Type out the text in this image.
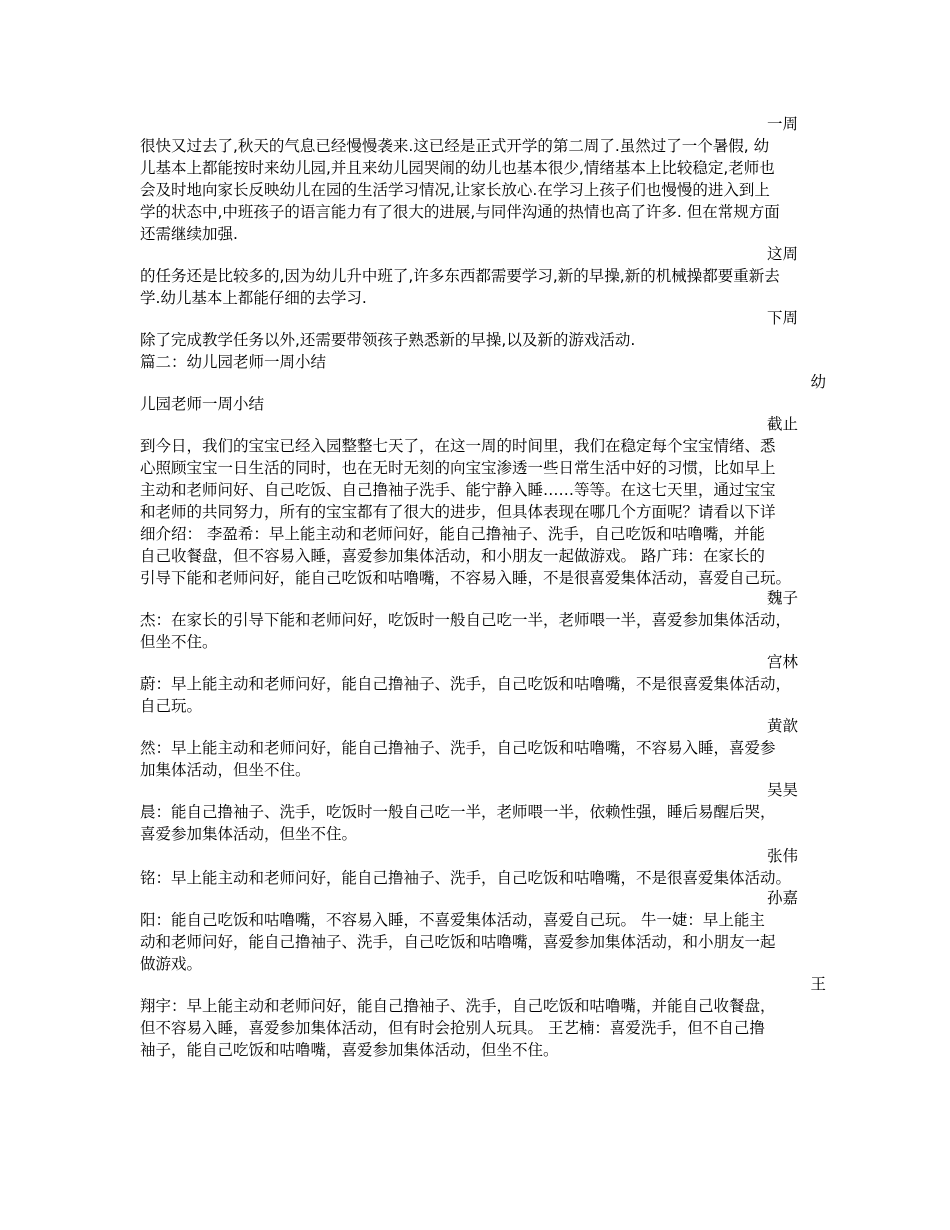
一周
很快又过去了,秋天的气息已经慢慢袭来.这已经是正式开学的第二周了.虽然过了一个暑假, 幼
儿基本上都能按时来幼儿园,并且来幼儿园哭闹的幼儿也基本很少,情绪基本上比较稳定,老师也
会及时地向家长反映幼儿在园的生活学习情况,让家长放心.在学习上孩子们也慢慢的进入到上
学的状态中,中班孩子的语言能力有了很大的进展,与同伴沟通的热情也高了许多. 但在常规方面
还需继续加强.
这周
的任务还是比较多的,因为幼儿升中班了,许多东西都需要学习,新的早操,新的机械操都要重新去
学.幼儿基本上都能仔细的去学习.
下周
除了完成教学任务以外,还需要带领孩子熟悉新的早操,以及新的游戏活动.
篇二：幼儿园老师一周小结
幼
儿园老师一周小结
截止
到今日，我们的宝宝已经入园整整七天了，在这一周的时间里，我们在稳定每个宝宝情绪、悉
心照顾宝宝一日生活的同时，也在无时无刻的向宝宝渗透一些日常生活中好的习惯，比如早上
主动和老师问好、自己吃饭、自己撸袖子洗手、能宁静入睡……等等。在这七天里，通过宝宝
和老师的共同努力，所有的宝宝都有了很大的进步，但具体表现在哪几个方面呢？请看以下详
细介绍： 李盈希：早上能主动和老师问好，能自己撸袖子、洗手，自己吃饭和咕噜嘴，并能
自己收餐盘，但不容易入睡，喜爱参加集体活动，和小朋友一起做游戏。 路广玮：在家长的
引导下能和老师问好，能自己吃饭和咕噜嘴，不容易入睡，不是很喜爱集体活动，喜爱自己玩。
魏子
杰：在家长的引导下能和老师问好，吃饭时一般自己吃一半，老师喂一半，喜爱参加集体活动，
但坐不住。
宫林
蔚：早上能主动和老师问好，能自己撸袖子、洗手，自己吃饭和咕噜嘴，不是很喜爱集体活动，
自己玩。
黄歆
然：早上能主动和老师问好，能自己撸袖子、洗手，自己吃饭和咕噜嘴，不容易入睡，喜爱参
加集体活动，但坐不住。
吴昊
晨：能自己撸袖子、洗手，吃饭时一般自己吃一半，老师喂一半，依赖性强，睡后易醒后哭，
喜爱参加集体活动，但坐不住。
张伟
铭：早上能主动和老师问好，能自己撸袖子、洗手，自己吃饭和咕噜嘴，不是很喜爱集体活动。
孙嘉
阳：能自己吃饭和咕噜嘴，不容易入睡，不喜爱集体活动，喜爱自己玩。 牛一婕：早上能主
动和老师问好，能自己撸袖子、洗手，自己吃饭和咕噜嘴，喜爱参加集体活动，和小朋友一起
做游戏。
王
翔宇：早上能主动和老师问好，能自己撸袖子、洗手，自己吃饭和咕噜嘴，并能自己收餐盘，
但不容易入睡，喜爱参加集体活动，但有时会抢别人玩具。 王艺楠：喜爱洗手，但不自己撸
袖子，能自己吃饭和咕噜嘴，喜爱参加集体活动，但坐不住。
